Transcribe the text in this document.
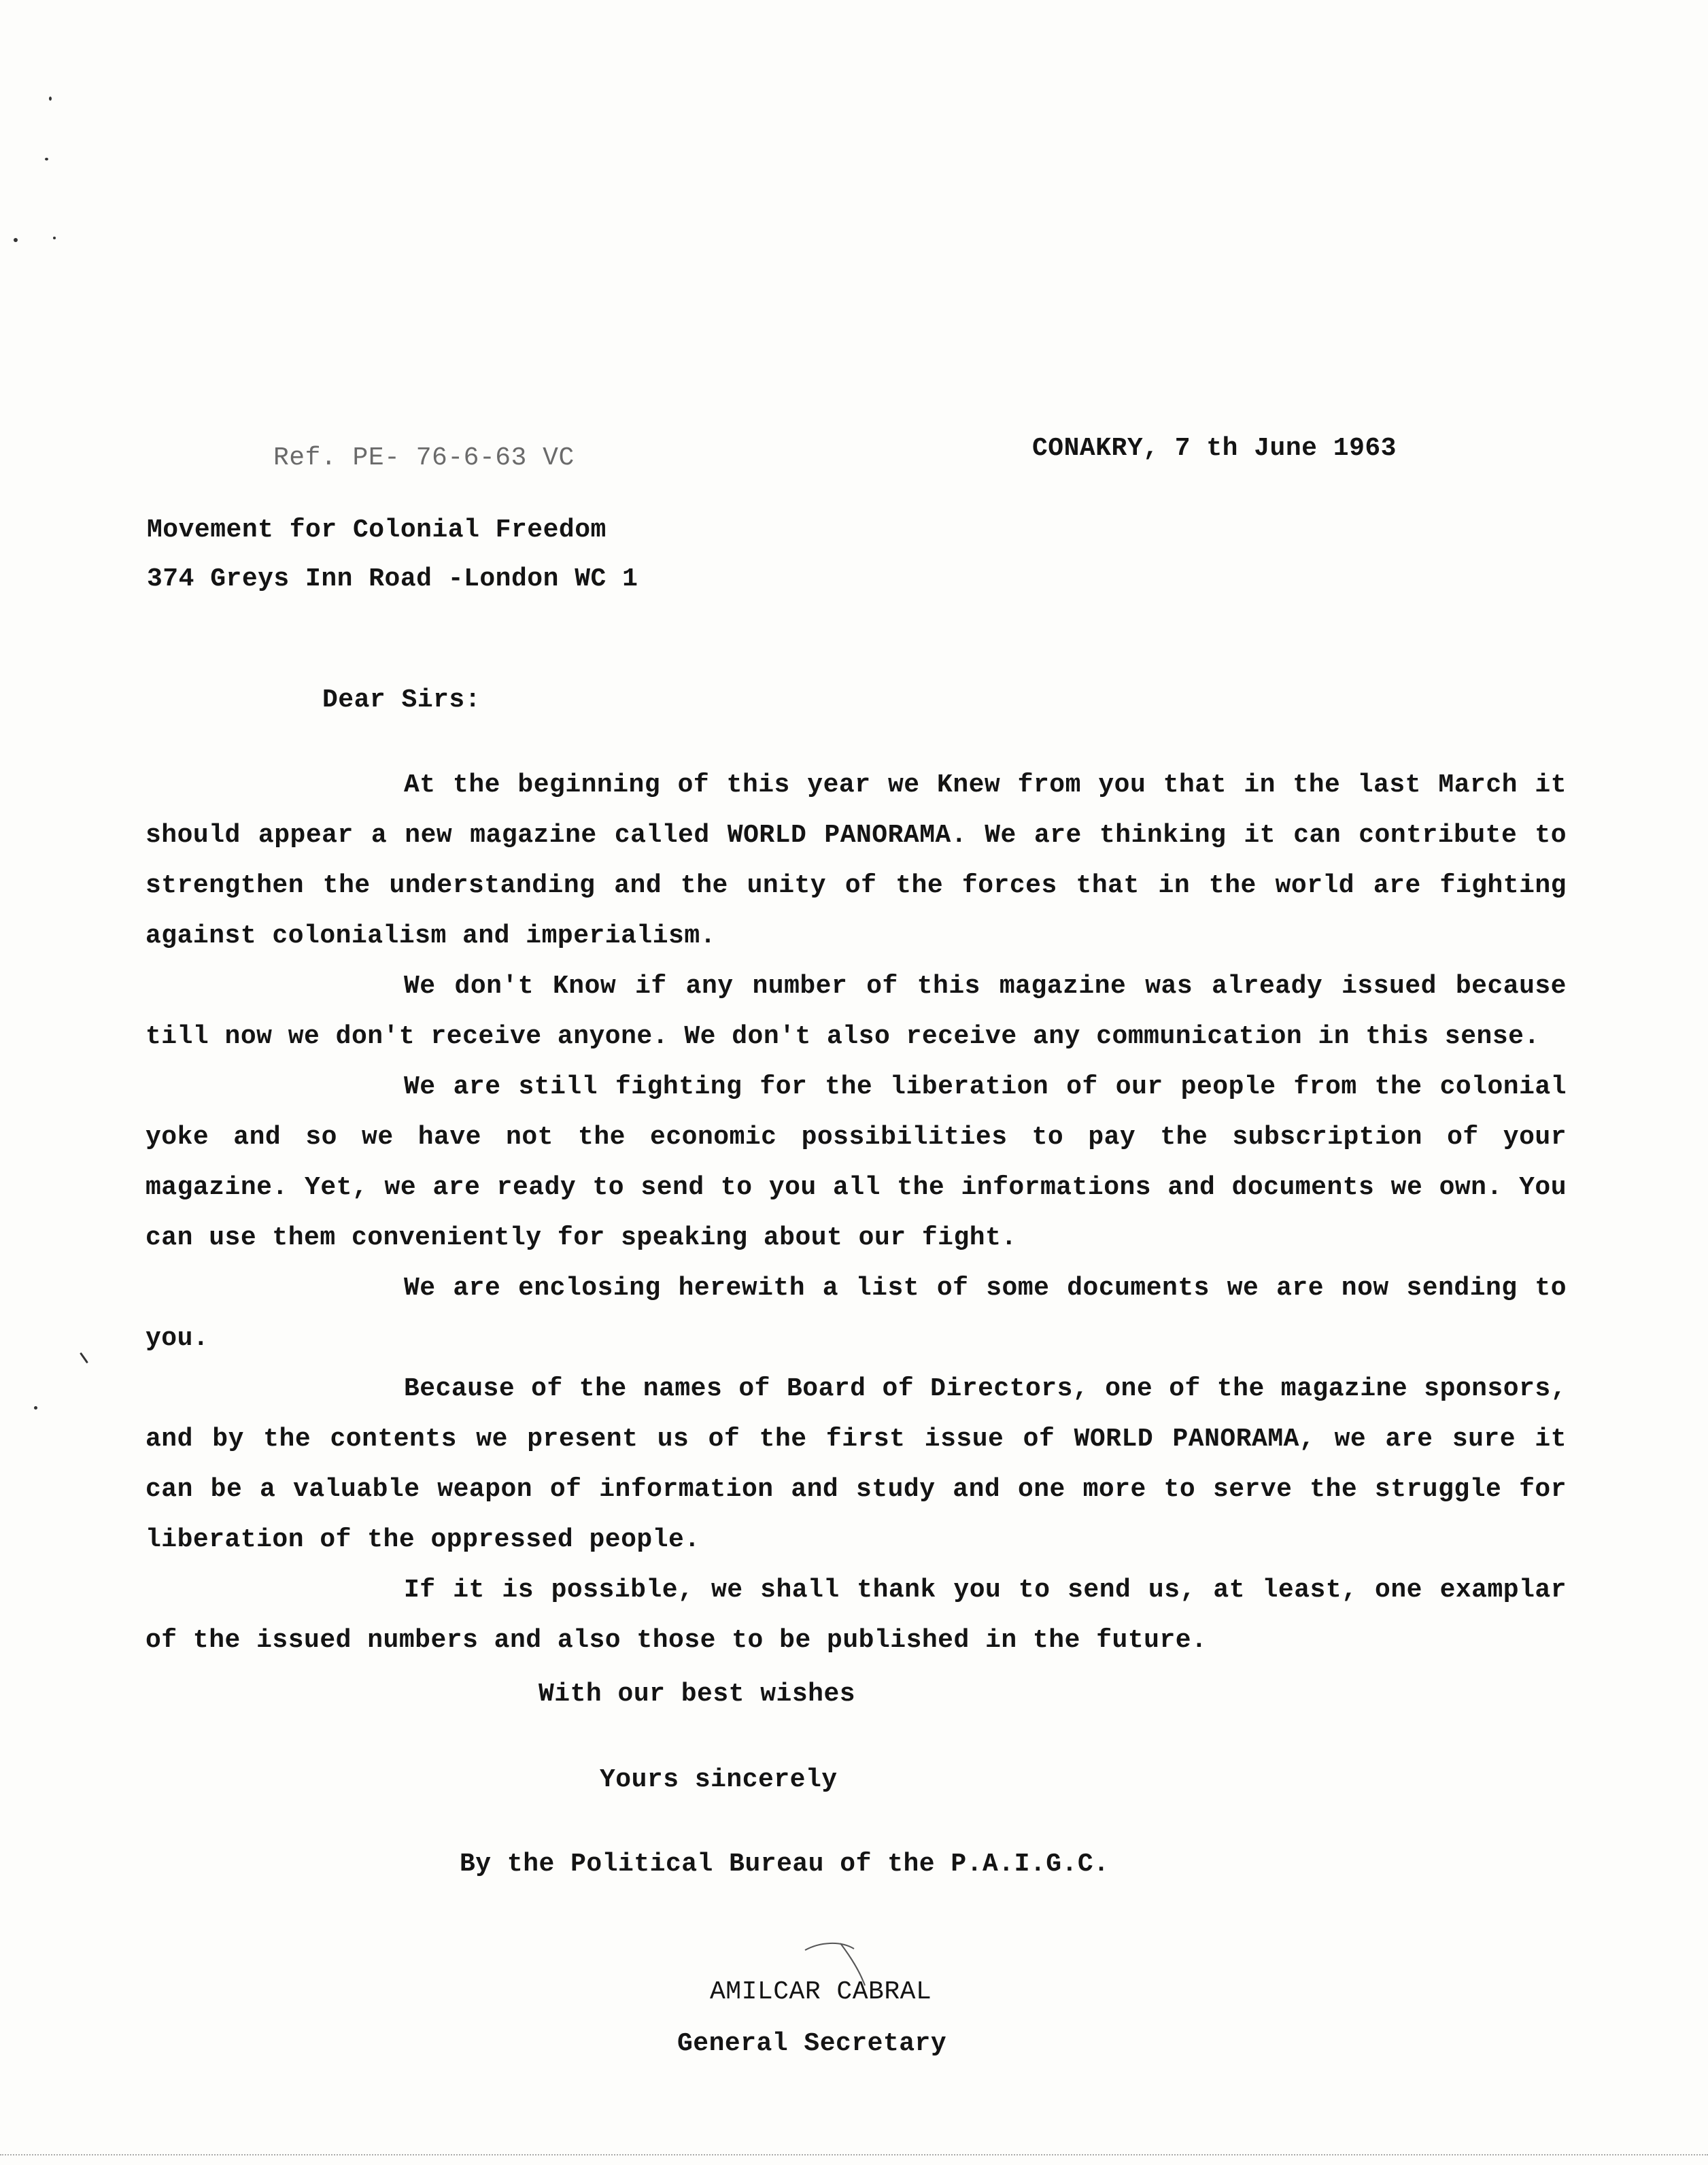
Ref. PE- 76-6-63 VC	CONAKRY, 7 th June 1963
Movement for Colonial Freedom
374 Greys Inn Road -London WC 1
Dear Sirs:
At the beginning of this year we Knew from you that in the last March it should appear a new magazine called WORLD PANORAMA. We are thinking it can contribute to strengthen the understanding and the unity of the forces that in the world are fighting against colonialism and imperialism.
We don't Know if any number of this magazine was already issued because till now we don't receive anyone. We don't also receive any communication in this sense.
We are still fighting for the liberation of our people from the colonial yoke and so we have not the economic possibilities to pay the subscription of your magazine. Yet, we are ready to send to you all the informations and documents we own. You can use them conveniently for speaking about our fight.
We are enclosing herewith a list of some documents we are now sending to you.
Because of the names of Board of Directors, one of the magazine sponsors, and by the contents we present us of the first issue of WORLD PANORAMA, we are sure it can be a valuable weapon of information and study and one more to serve the struggle for liberation of the oppressed people.
If it is possible, we shall thank you to send us, at least, one examplar of the issued numbers and also those to be published in the future.
With our best wishes
Yours sincerely
By the Political Bureau of the P.A.I.G.C.
AMILCAR CABRAL
General Secretary
